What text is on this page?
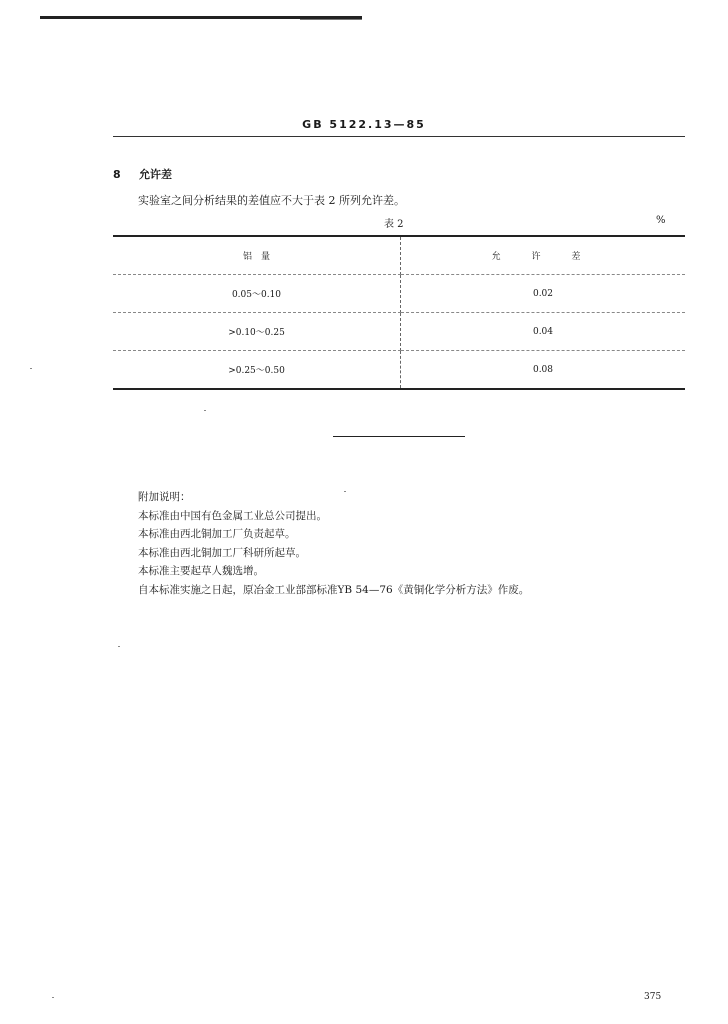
GB 5122.13—85
8 允许差
实验室之间分析结果的差值应不大于表 2 所列允许差。
表 2	%
铝　量	允 许 差
0.05～0.10	0.02
>0.10～0.25	0.04
>0.25～0.50	0.08
附加说明：
本标准由中国有色金属工业总公司提出。
本标准由西北铜加工厂负责起草。
本标准由西北铜加工厂科研所起草。
本标准主要起草人魏选增。
自本标准实施之日起，原冶金工业部部标准YB 54—76《黄铜化学分析方法》作废。
375
